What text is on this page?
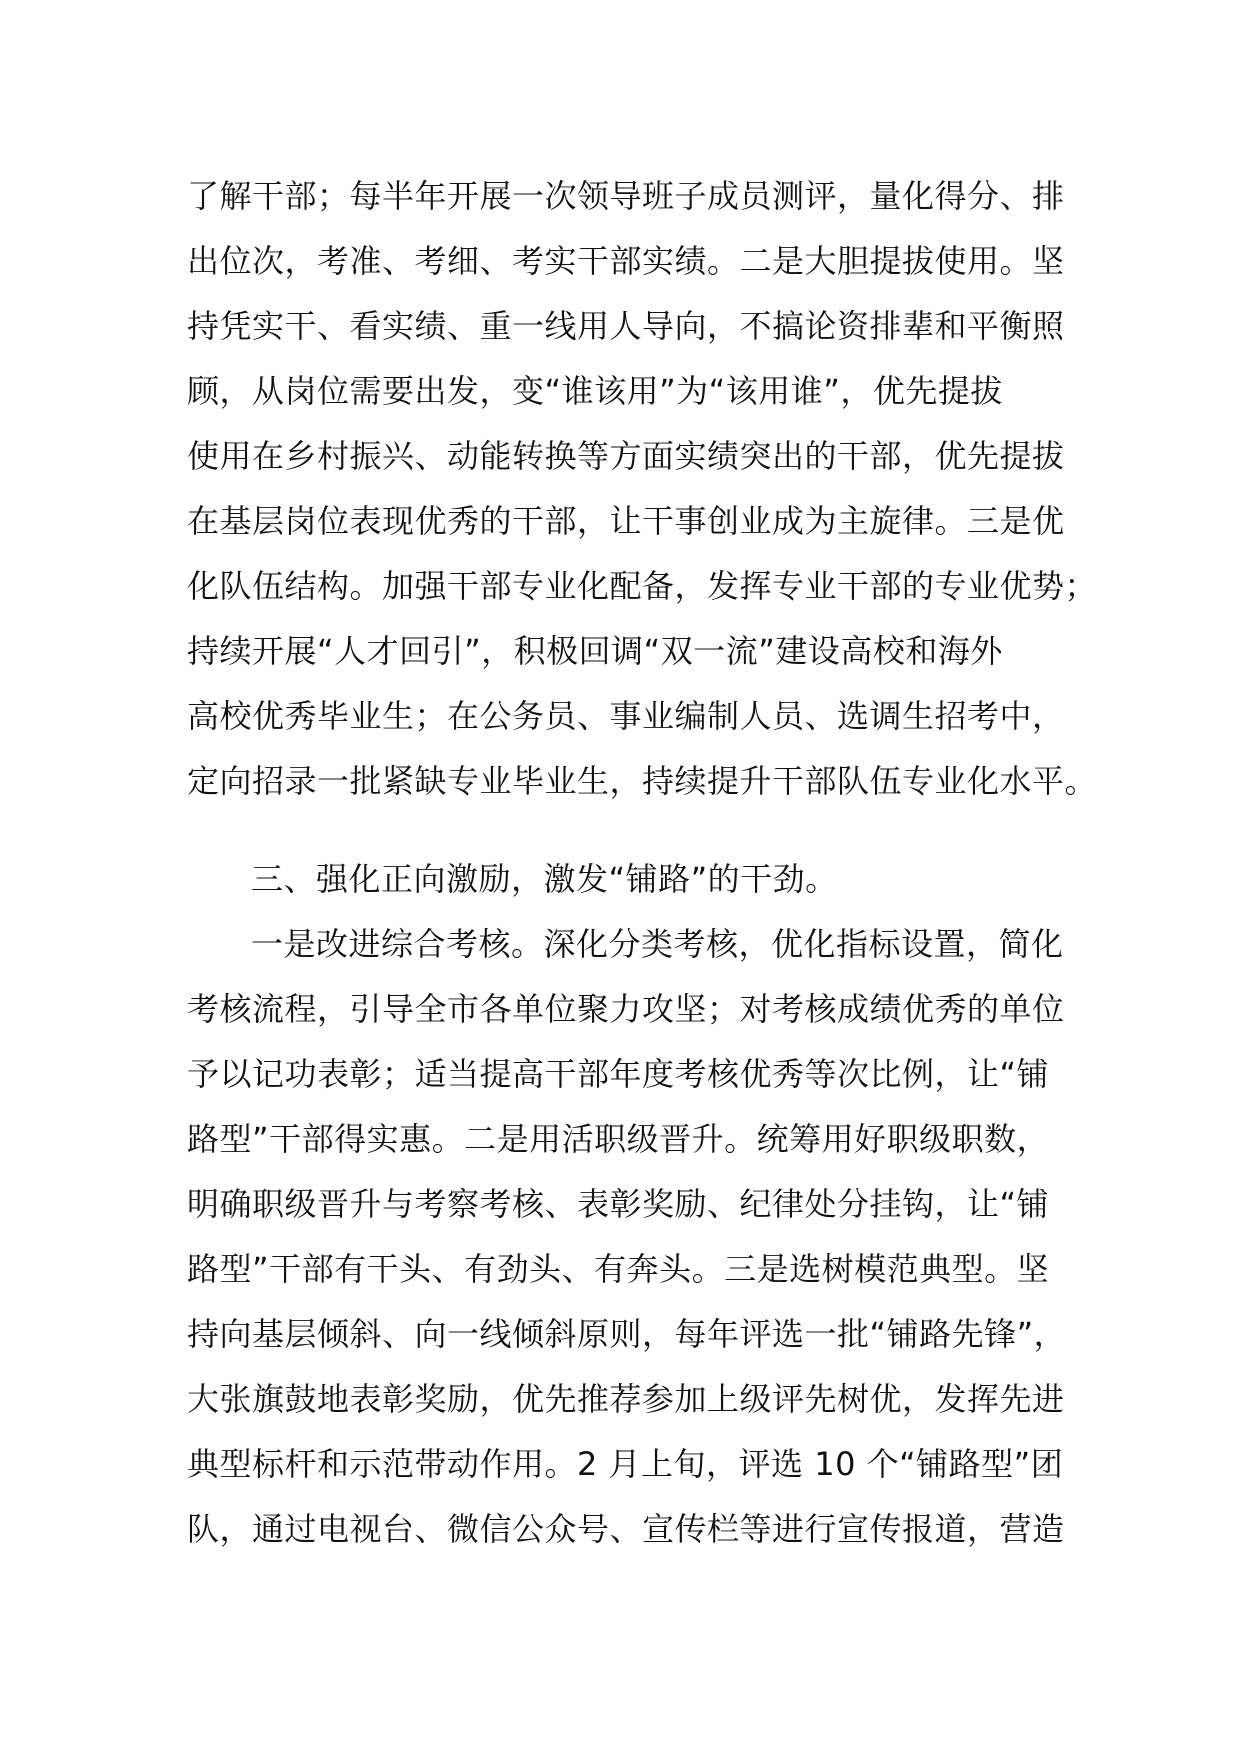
了解干部；每半年开展一次领导班子成员测评，量化得分、排
出位次，考准、考细、考实干部实绩。二是大胆提拔使用。坚
持凭实干、看实绩、重一线用人导向，不搞论资排辈和平衡照
顾，从岗位需要出发，变“谁该用”为“该用谁”，优先提拔
使用在乡村振兴、动能转换等方面实绩突出的干部，优先提拔
在基层岗位表现优秀的干部，让干事创业成为主旋律。三是优
化队伍结构。加强干部专业化配备，发挥专业干部的专业优势；
持续开展“人才回引”，积极回调“双一流”建设高校和海外
高校优秀毕业生；在公务员、事业编制人员、选调生招考中，
定向招录一批紧缺专业毕业生，持续提升干部队伍专业化水平。
三、强化正向激励，激发“铺路”的干劲。
一是改进综合考核。深化分类考核，优化指标设置，简化
考核流程，引导全市各单位聚力攻坚；对考核成绩优秀的单位
予以记功表彰；适当提高干部年度考核优秀等次比例，让“铺
路型”干部得实惠。二是用活职级晋升。统筹用好职级职数，
明确职级晋升与考察考核、表彰奖励、纪律处分挂钩，让“铺
路型”干部有干头、有劲头、有奔头。三是选树模范典型。坚
持向基层倾斜、向一线倾斜原则，每年评选一批“铺路先锋”，
大张旗鼓地表彰奖励，优先推荐参加上级评先树优，发挥先进
典型标杆和示范带动作用。2 月上旬，评选 10 个“铺路型”团
队，通过电视台、微信公众号、宣传栏等进行宣传报道，营造
